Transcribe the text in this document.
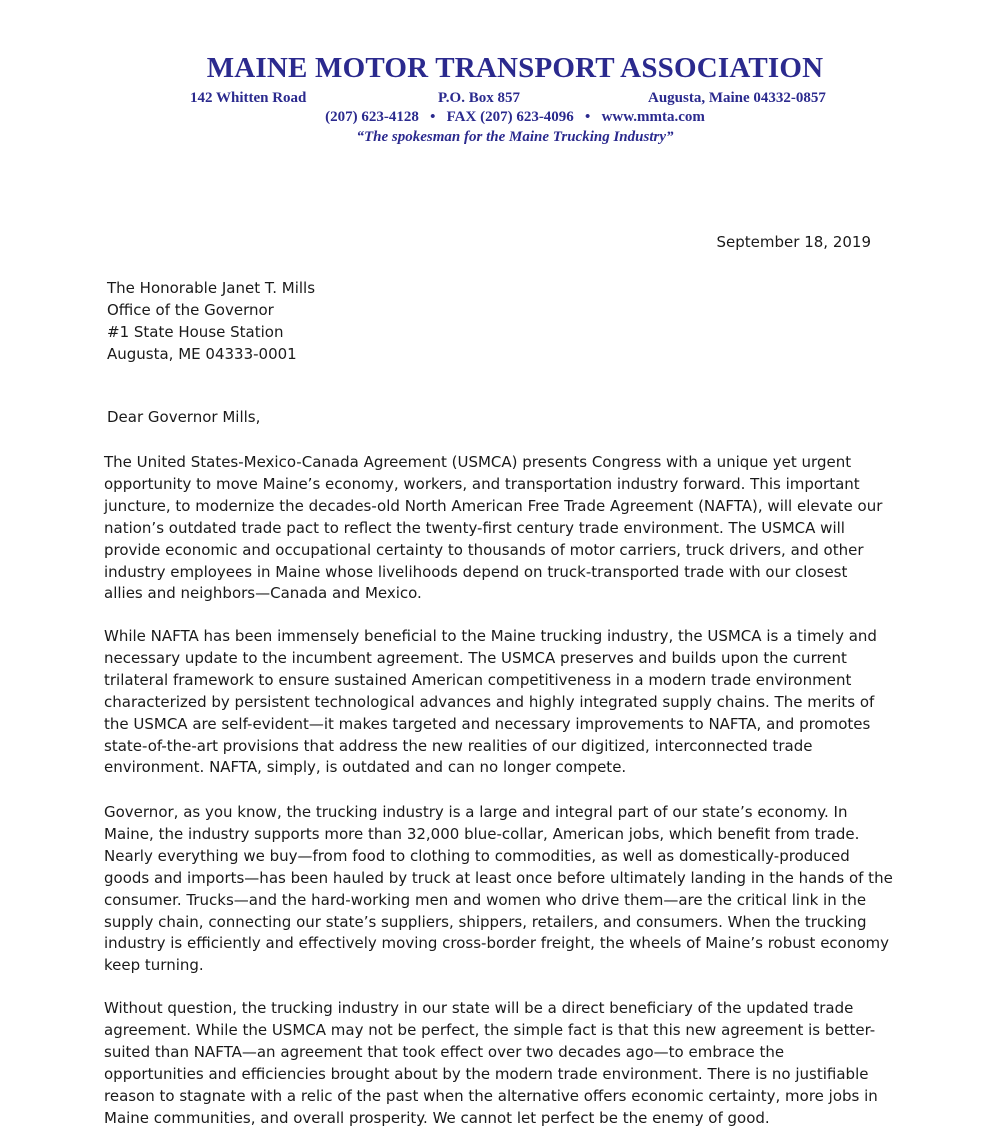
MAINE MOTOR TRANSPORT ASSOCIATION
142 Whitten Road	P.O. Box 857	Augusta, Maine 04332-0857
(207) 623-4128   •   FAX (207) 623-4096   •   www.mmta.com
“The spokesman for the Maine Trucking Industry”
September 18, 2019
The Honorable Janet T. Mills
Office of the Governor
#1 State House Station
Augusta, ME 04333-0001
Dear Governor Mills,
The United States-Mexico-Canada Agreement (USMCA) presents Congress with a unique yet urgent
opportunity to move Maine’s economy, workers, and transportation industry forward. This important
juncture, to modernize the decades-old North American Free Trade Agreement (NAFTA), will elevate our
nation’s outdated trade pact to reflect the twenty-first century trade environment. The USMCA will
provide economic and occupational certainty to thousands of motor carriers, truck drivers, and other
industry employees in Maine whose livelihoods depend on truck-transported trade with our closest
allies and neighbors—Canada and Mexico.
While NAFTA has been immensely beneficial to the Maine trucking industry, the USMCA is a timely and
necessary update to the incumbent agreement. The USMCA preserves and builds upon the current
trilateral framework to ensure sustained American competitiveness in a modern trade environment
characterized by persistent technological advances and highly integrated supply chains. The merits of
the USMCA are self-evident—it makes targeted and necessary improvements to NAFTA, and promotes
state-of-the-art provisions that address the new realities of our digitized, interconnected trade
environment. NAFTA, simply, is outdated and can no longer compete.
Governor, as you know, the trucking industry is a large and integral part of our state’s economy. In
Maine, the industry supports more than 32,000 blue-collar, American jobs, which benefit from trade.
Nearly everything we buy—from food to clothing to commodities, as well as domestically-produced
goods and imports—has been hauled by truck at least once before ultimately landing in the hands of the
consumer. Trucks—and the hard-working men and women who drive them—are the critical link in the
supply chain, connecting our state’s suppliers, shippers, retailers, and consumers. When the trucking
industry is efficiently and effectively moving cross-border freight, the wheels of Maine’s robust economy
keep turning.
Without question, the trucking industry in our state will be a direct beneficiary of the updated trade
agreement. While the USMCA may not be perfect, the simple fact is that this new agreement is better-
suited than NAFTA—an agreement that took effect over two decades ago—to embrace the
opportunities and efficiencies brought about by the modern trade environment. There is no justifiable
reason to stagnate with a relic of the past when the alternative offers economic certainty, more jobs in
Maine communities, and overall prosperity. We cannot let perfect be the enemy of good.
